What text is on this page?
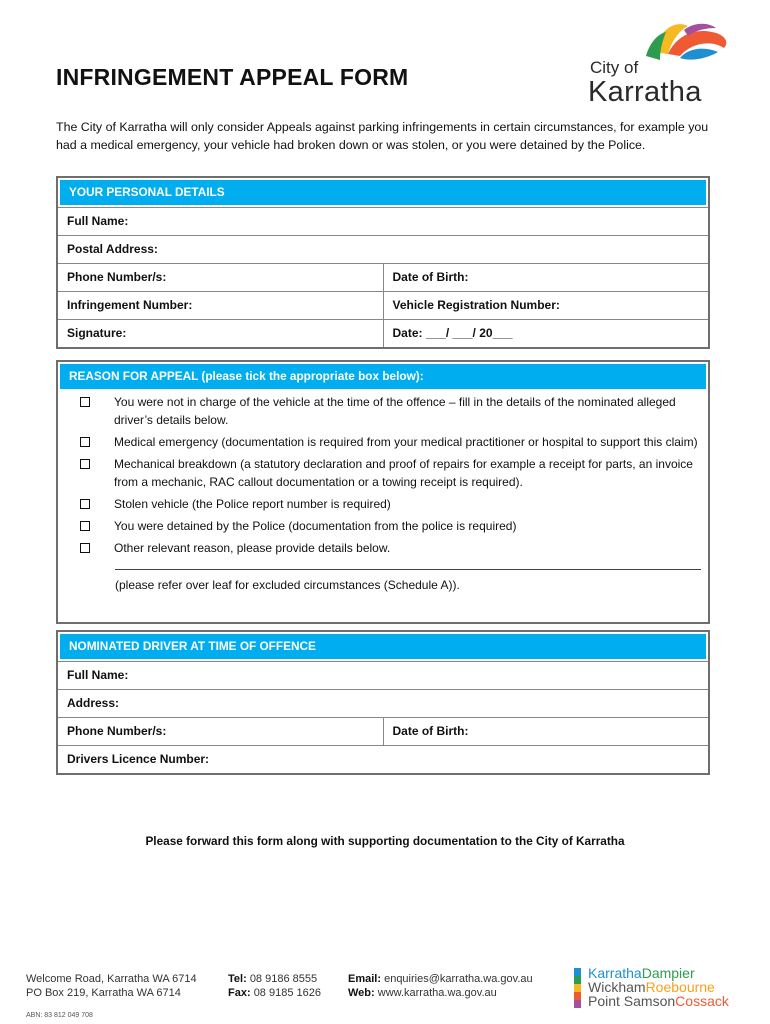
INFRINGEMENT APPEAL FORM	City of
Karratha

The City of Karratha will only consider Appeals against parking infringements in certain circumstances, for example you had a medical emergency, your vehicle had broken down or was stolen, or you were detained by the Police.

YOUR PERSONAL DETAILS
Full Name:
Postal Address:
Phone Number/s:	Date of Birth:
Infringement Number:	Vehicle Registration Number:
Signature:	Date: ___/ ___/ 20___
REASON FOR APPEAL (please tick the appropriate box below):
You were not in charge of the vehicle at the time of the offence – fill in the details of the nominated alleged driver’s details below.
Medical emergency (documentation is required from your medical practitioner or hospital to support this claim)
Mechanical breakdown (a statutory declaration and proof of repairs for example a receipt for parts, an invoice from a mechanic, RAC callout documentation or a towing receipt is required).
Stolen vehicle (the Police report number is required)
You were detained by the Police (documentation from the police is required)
Other relevant reason, please provide details below.
(please refer over leaf for excluded circumstances (Schedule A)).
NOMINATED DRIVER AT TIME OF OFFENCE
Full Name:
Address:
Phone Number/s:	Date of Birth:
Drivers Licence Number:
Please forward this form along with supporting documentation to the City of Karratha
Welcome Road, Karratha WA 6714
PO Box 219, Karratha WA 6714
Tel: 08 9186 8555
Fax: 08 9185 1626
Email: enquiries@karratha.wa.gov.au
Web: www.karratha.wa.gov.au
ABN: 83 812 049 708
KarrathaDampier
WickhamRoebourne
Point SamsonCossack
